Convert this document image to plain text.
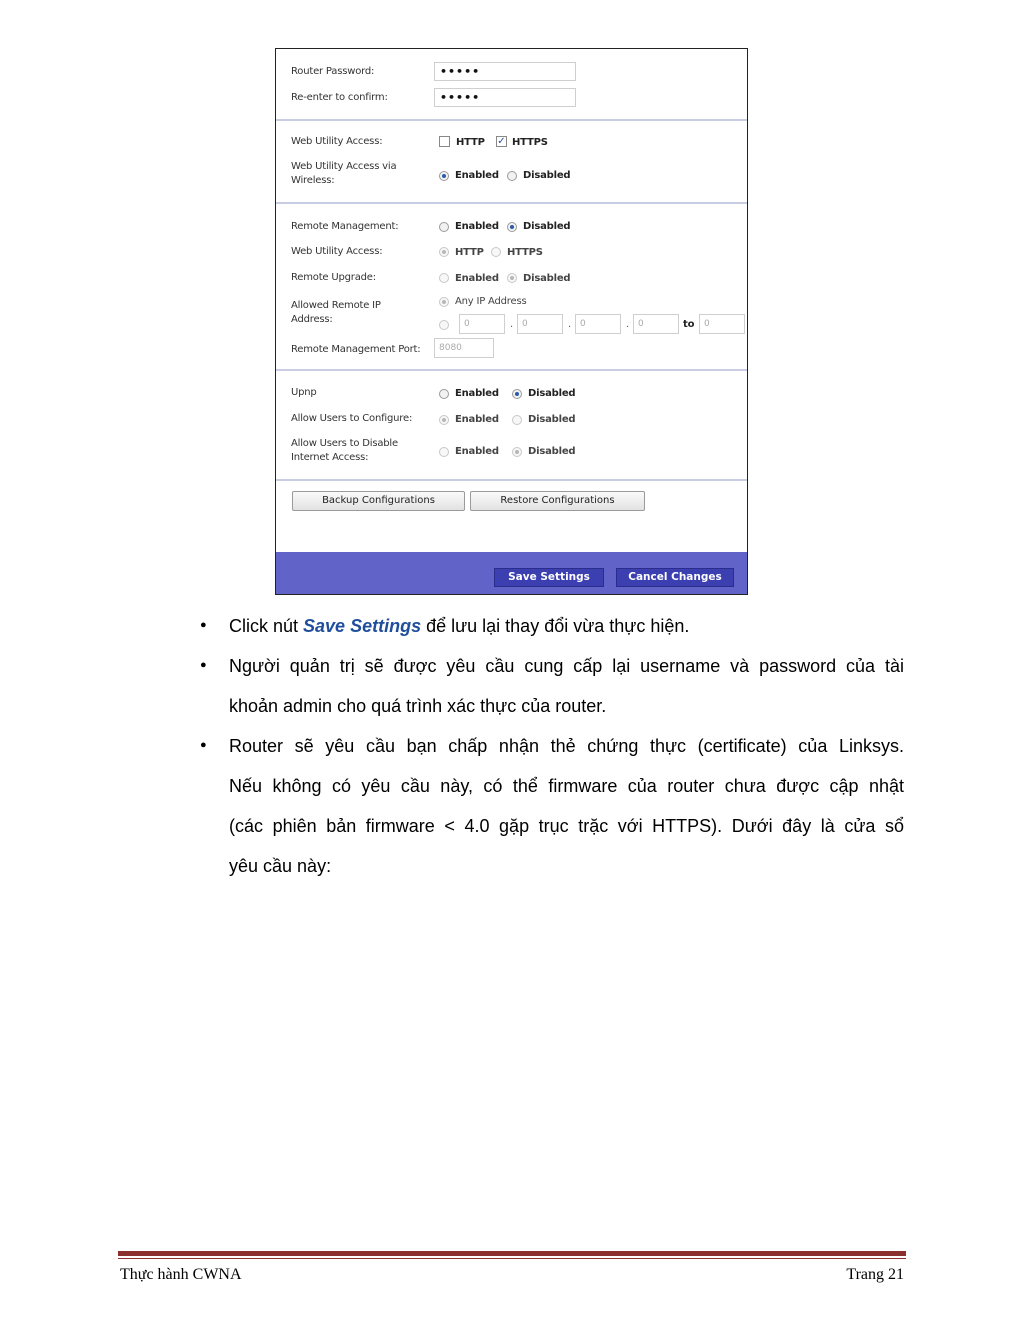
Router Password:	•••••
Re-enter to confirm:	•••••
Web Utility Access:	HTTP ✓ HTTPS
Web Utility Access via
Wireless:	Enabled Disabled
Remote Management:	Enabled Disabled
Web Utility Access:	HTTP HTTPS
Remote Upgrade:	Enabled Disabled
Allowed Remote IP
Address:
Any IP Address
0	. 0	. 0	. 0	to	0
Remote Management Port:	8080
Upnp	Enabled	Disabled
Allow Users to Configure:	Enabled	Disabled
Allow Users to Disable
Internet Access:
Enabled	Disabled
Backup Configurations	Restore Configurations
Save Settings	Cancel Changes
● Click nút Save Settings để lưu lại thay đổi vừa thực hiện.
● Người quản trị sẽ được yêu cầu cung cấp lại username và password của tài
khoản admin cho quá trình xác thực của router.
● Router sẽ yêu cầu bạn chấp nhận thẻ chứng thực (certificate) của Linksys.
Nếu không có yêu cầu này, có thể firmware của router chưa được cập nhật
(các phiên bản firmware < 4.0 gặp trục trặc với HTTPS). Dưới đây là cửa sổ
yêu cầu này:
Thực hành CWNA	Trang 21
